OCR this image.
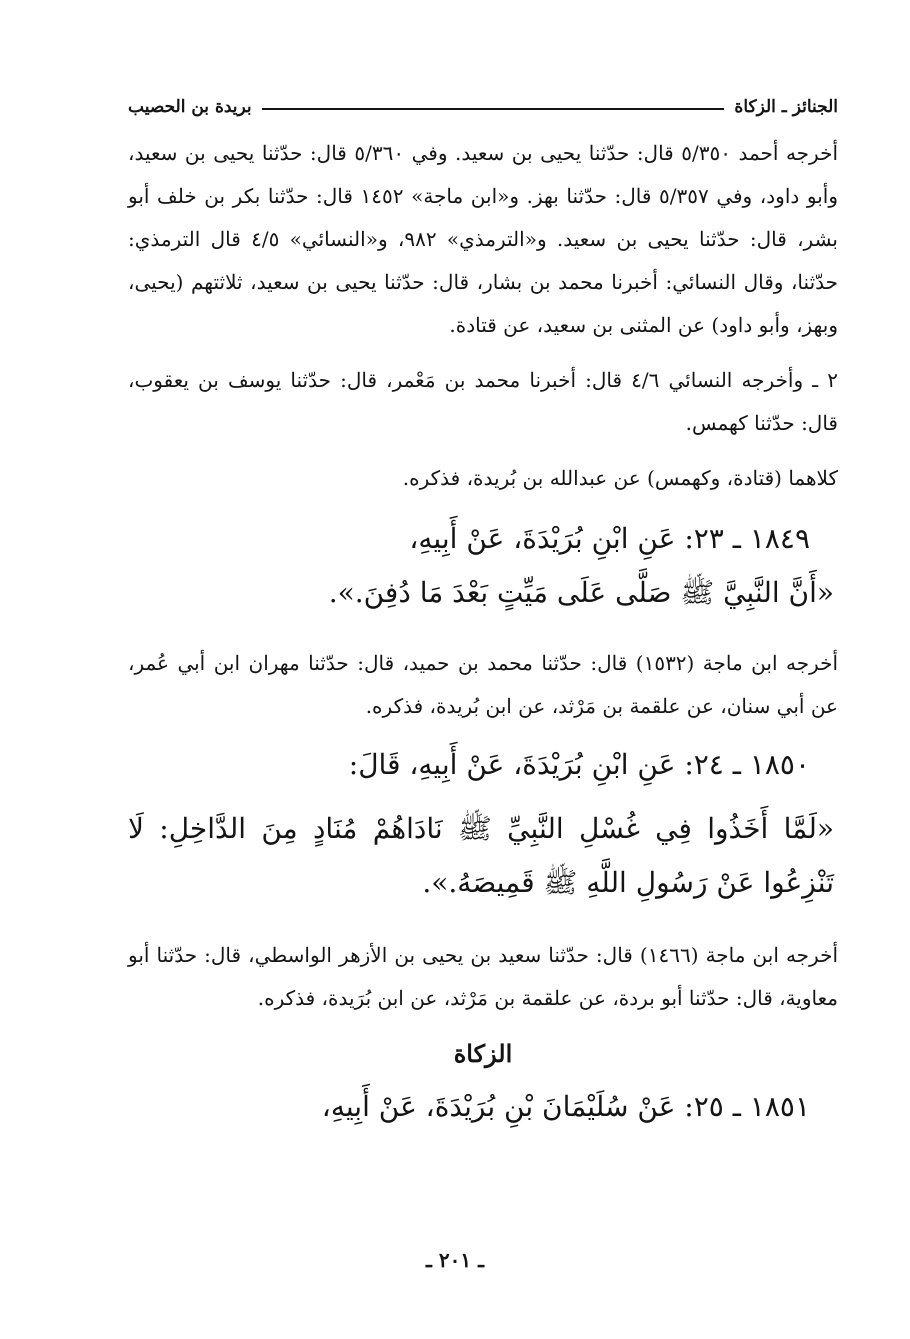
الجنائز ـ الزكاة
بريدة بن الحصيب

أخرجه أحمد ٥/٣٥٠ قال: حدّثنا يحيى بن سعيد. وفي ٥/٣٦٠ قال: حدّثنا يحيى بن سعيد، وأبو داود، وفي ٥/٣٥٧ قال: حدّثنا بهز. و«ابن ماجة» ١٤٥٢ قال: حدّثنا بكر بن خلف أبو بشر، قال: حدّثنا يحيى بن سعيد. و«الترمذي» ٩٨٢، و«النسائي» ٤/٥ قال الترمذي: حدّثنا، وقال النسائي: أخبرنا محمد بن بشار، قال: حدّثنا يحيى بن سعيد، ثلاثتهم (يحيى، وبهز، وأبو داود) عن المثنى بن سعيد، عن قتادة.

٢ ـ وأخرجه النسائي ٤/٦ قال: أخبرنا محمد بن مَعْمر، قال: حدّثنا يوسف بن يعقوب، قال: حدّثنا كهمس.

كلاهما (قتادة، وكهمس) عن عبدالله بن بُريدة، فذكره.

١٨٤٩ ـ ٢٣: عَنِ ابْنِ بُرَيْدَةَ، عَنْ أَبِيهِ،

«أَنَّ النَّبِيَّ ﷺ صَلَّى عَلَى مَيِّتٍ بَعْدَ مَا دُفِنَ.».

أخرجه ابن ماجة (١٥٣٢) قال: حدّثنا محمد بن حميد، قال: حدّثنا مهران ابن أبي عُمر، عن أبي سنان، عن علقمة بن مَرْثد، عن ابن بُريدة، فذكره.

١٨٥٠ ـ ٢٤: عَنِ ابْنِ بُرَيْدَةَ، عَنْ أَبِيهِ، قَالَ:

«لَمَّا أَخَذُوا فِي غُسْلِ النَّبِيِّ ﷺ نَادَاهُمْ مُنَادٍ مِنَ الدَّاخِلِ: لَا تَنْزِعُوا عَنْ رَسُولِ اللَّهِ ﷺ قَمِيصَهُ.».

أخرجه ابن ماجة (١٤٦٦) قال: حدّثنا سعيد بن يحيى بن الأزهر الواسطي، قال: حدّثنا أبو معاوية، قال: حدّثنا أبو بردة، عن علقمة بن مَرْثد، عن ابن بُرَيدة، فذكره.

الزكاة

١٨٥١ ـ ٢٥: عَنْ سُلَيْمَانَ بْنِ بُرَيْدَةَ، عَنْ أَبِيهِ،

ـ ٢٠١ ـ
